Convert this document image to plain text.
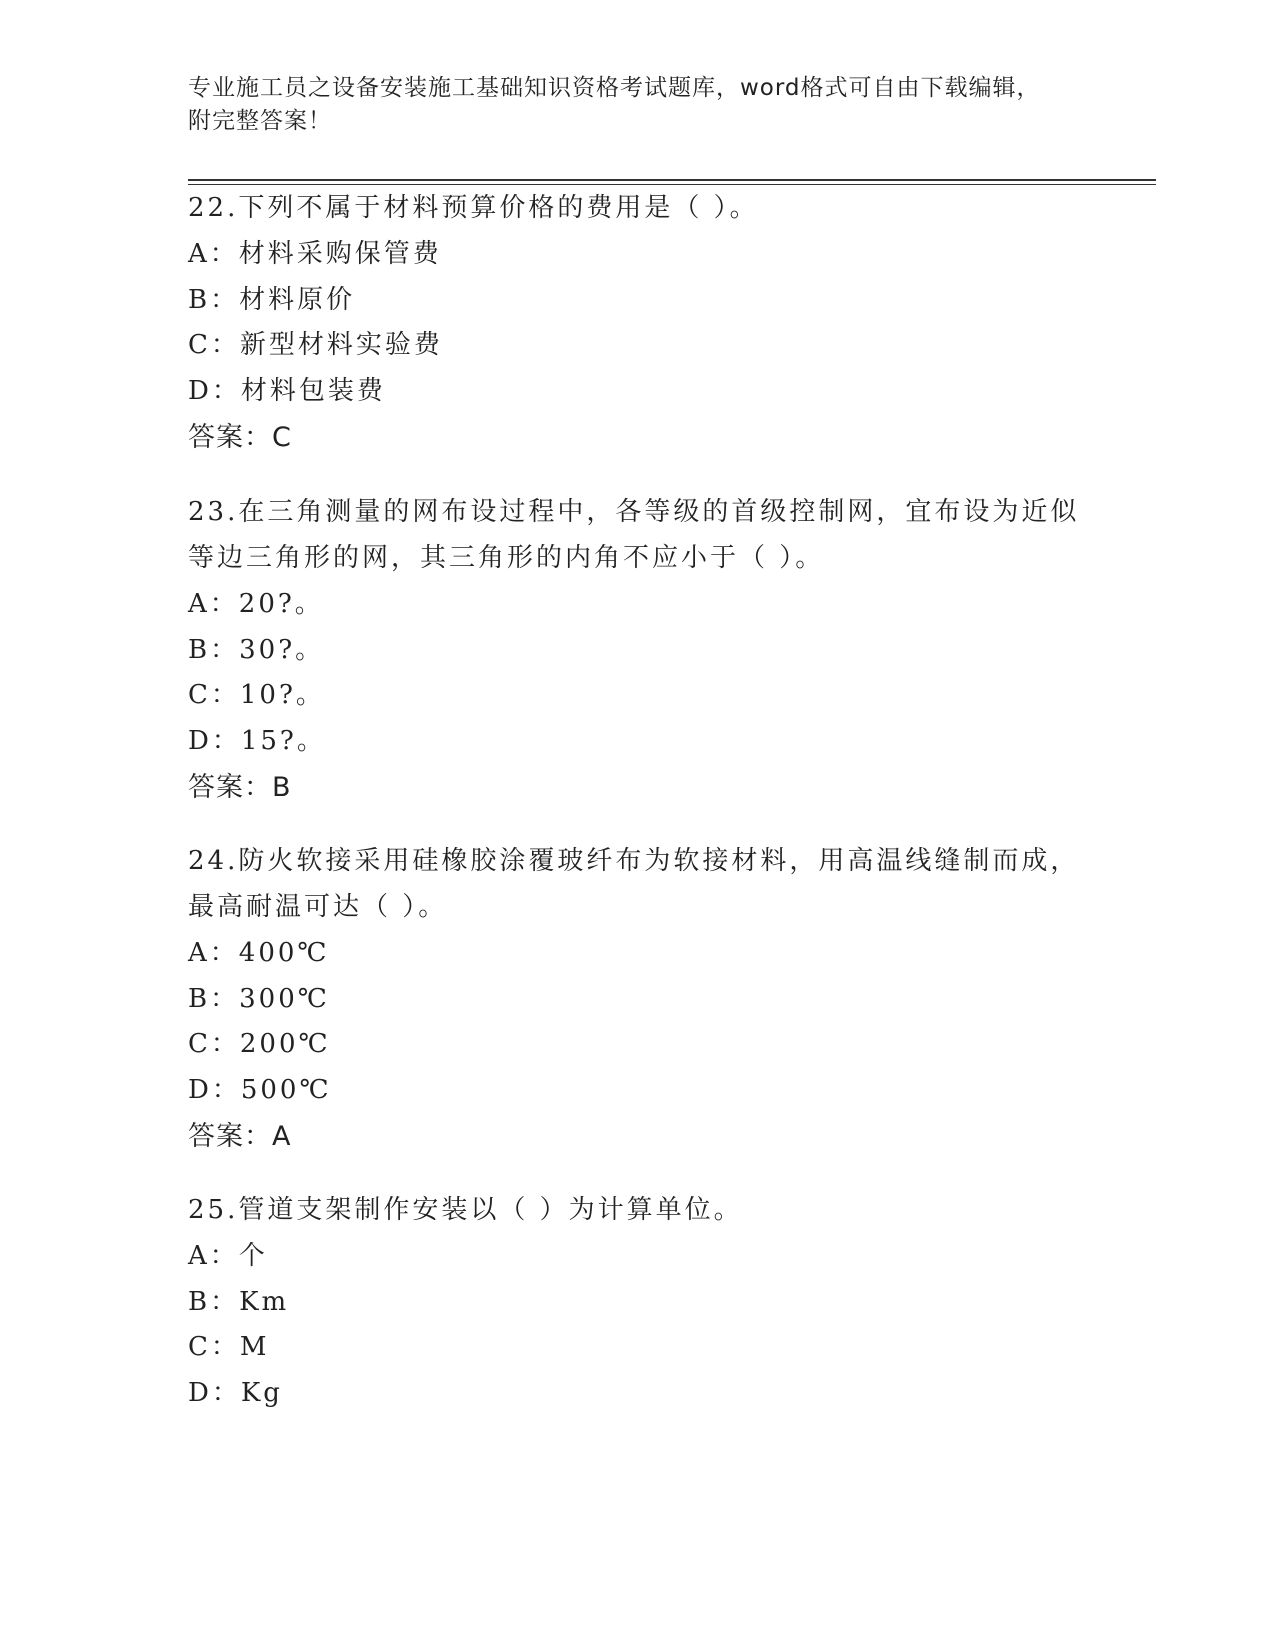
专业施工员之设备安装施工基础知识资格考试题库，word格式可自由下载编辑，
附完整答案！
22.下列不属于材料预算价格的费用是（ ）。
A：材料采购保管费
B：材料原价
C：新型材料实验费
D：材料包装费
答案：C
23.在三角测量的网布设过程中，各等级的首级控制网，宜布设为近似
等边三角形的网，其三角形的内角不应小于（ ）。
A：20?。
B：30?。
C：10?。
D：15?。
答案：B
24.防火软接采用硅橡胶涂覆玻纤布为软接材料，用高温线缝制而成，
最高耐温可达（ ）。
A：400℃
B：300℃
C：200℃
D：500℃
答案：A
25.管道支架制作安装以（ ）为计算单位。
A：个
B：Km
C：M
D：Kg
